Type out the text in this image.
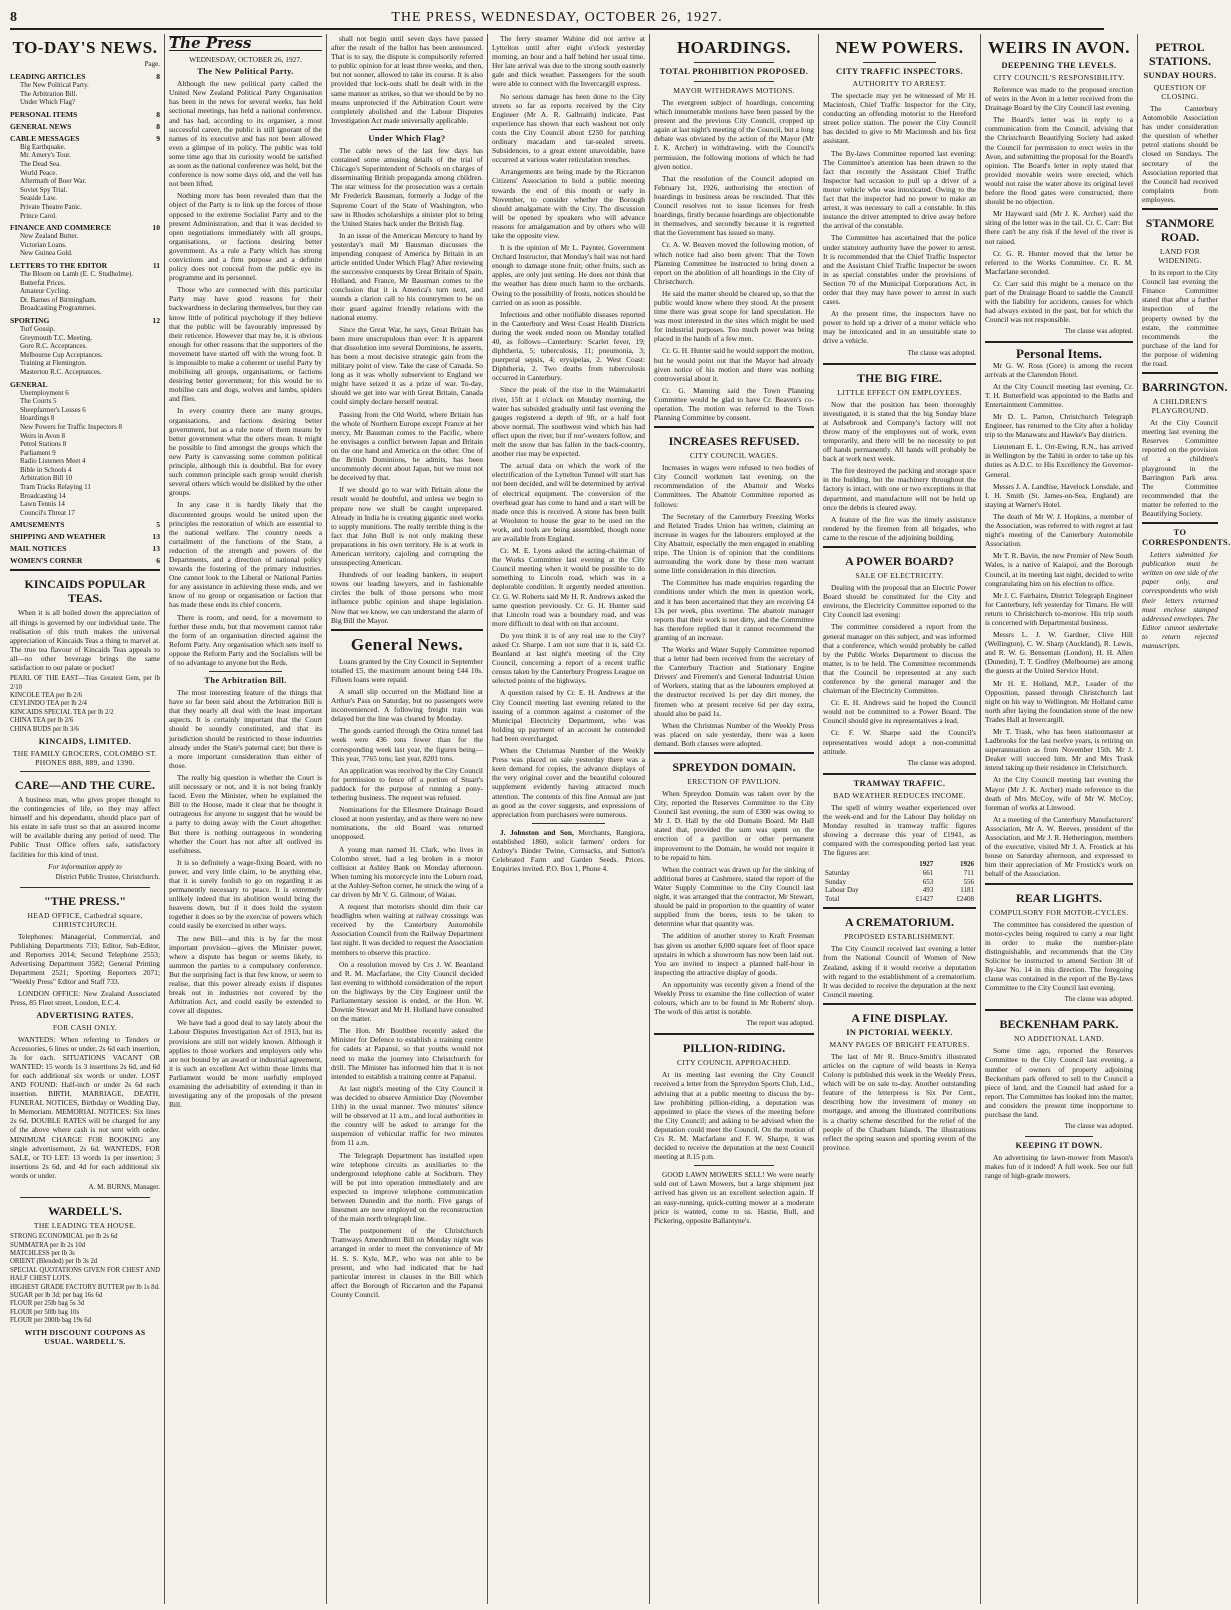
8	THE PRESS, WEDNESDAY, OCTOBER 26, 1927.
TO-DAY'S NEWS.
Page.
LEADING ARTICLES	8
The New Political Party.
The Arbitration Bill.
Under Which Flag?
PERSONAL ITEMS	8
GENERAL NEWS	8
CABLE MESSAGES	9
Big Earthquake.
Mr. Amery's Tour.
The Dead Sea.
World Peace.
Aftermath of Boer War.
Soviet Spy Trial.
Seaside Law.
Private Theatre Panic.
Prince Carol.
FINANCE AND COMMERCE	10
New Zealand Butter.
Victorian Loans.
New Guinea Gold.
LETTERS TO THE EDITOR	11
The Bloom on Lamb (E. C. Studholme).
Butterfat Prices.
Amateur Cycling.
Dr. Barnes of Birmingham.
Broadcasting Programmes.
SPORTING	12
Turf Gossip.
Greymouth T.C. Meeting.
Gore R.C. Acceptances.
Melbourne Cup Acceptances.
Training at Flemington.
Masterton R.C. Acceptances.
GENERAL
Unemployment 6
The Courts 5
Sheepfarmer's Losses 6
Hoardings 8
New Powers for Traffic Inspectors 8
Weirs in Avon 8
Petrol Stations 8
Parliament 9
Radio Listeners Meet 4
Bible in Schools 4
Arbitration Bill 10
Tram Tracks Relaying 11
Broadcasting 14
Lawn Tennis 14
Council's Threat 17
AMUSEMENTS	5
SHIPPING AND WEATHER	13
MAIL NOTICES	13
WOMEN'S CORNER	6
KINCAIDS POPULAR TEAS.

When it is all boiled down the appreciation of all things is governed by our individual taste. The realisation of this truth makes the universal appreciation of Kincaids Teas a thing to marvel at. The true tea flavour of Kincaids Teas appeals to all—no other beverage brings the same satisfaction to our palate or pocket!

PEARL OF THE EAST—Teas Greatest Gem, per lb 2/10
KINCOLE TEA per lb 2/6
CEYLINDO TEA per lb 2/4
KINCAIDS SPECIAL TEA per lb 2/2
CHINA TEA per lb 2/6
CHINA BUDS per lb 3/6
KINCAIDS, LIMITED.
THE FAMILY GROCERS, COLOMBO ST. PHONES 888, 889, and 1390.
CARE—AND THE CURE.

A business man, who gives proper thought to the contingencies of life, so they may affect himself and his dependants, should place part of his estate in safe trust so that an assured income will be available during any period of need. The Public Trust Office offers safe, satisfactory facilities for this kind of trust.

For information apply to
District Public Trustee, Christchurch.
"THE PRESS."
HEAD OFFICE, Cathedral square, CHRISTCHURCH.

Telephones: Managerial, Commercial, and Publishing Departments 733; Editor, Sub-Editor, and Reporters 2014; Second Telephone 2553; Advertising Department 3582; General Printing Department 2521; Sporting Reporters 2071; "Weekly Press" Editor and Staff 733.

LONDON OFFICE: New Zealand Associated Press, 85 Fleet street, London, E.C.4.

ADVERTISING RATES.
FOR CASH ONLY.

WANTEDS: When referring to Tenders or Accessories, 6 lines or under, 2s 6d each insertion, 3s for each. SITUATIONS VACANT OR WANTED: 15 words 1s 3 insertions 2s 6d, and 6d for each additional six words or under. LOST AND FOUND: Half-inch or under 2s 6d each insertion. BIRTH, MARRIAGE, DEATH, FUNERAL NOTICES, Birthday or Wedding Day, In Memoriam. MEMORIAL NOTICES: Six lines 2s 6d. DOUBLE RATES will be charged for any of the above where cash is not sent with order. MINIMUM CHARGE FOR BOOKING any single advertisement, 2s 6d. WANTEDS, FOR SALE, or TO LET: 13 words 1s per insertion; 3 insertions 2s 6d, and 4d for each additional six words or under.

A. M. BURNS, Manager.
WARDELL'S.
THE LEADING TEA HOUSE.
STRONG ECONOMICAL per lb 2s 6d
SUMMATRA per lb 2s 10d
MATCHLESS per lb 3s
ORIENT (Blended) per lb 3s 2d
SPECIAL QUOTATIONS GIVEN FOR CHEST AND HALF CHEST LOTS.
HIGHEST GRADE FACTORY BUTTER per lb 1s 8d.
SUGAR per lb 3d; per bag 16s 6d
FLOUR per 25lb bag 5s 3d
FLOUR per 50lb bag 10s
FLOUR per 200lb bag 19s 6d
WITH DISCOUNT COUPONS AS USUAL. WARDELL'S.
The Press
WEDNESDAY, OCTOBER 26, 1927.
The New Political Party.

Although the new political party called the United New Zealand Political Party Organisation has been in the news for several weeks, has held sectional meetings, has held a national conference, and has had, according to its organiser, a most successful career, the public is still ignorant of the names of its executive and has not been allowed even a glimpse of its policy. The public was told some time ago that its curiosity would be satisfied as soon as the national conference was held, but the conference is now some days old, and the veil has not been lifted.

Nothing more has been revealed than that the object of the Party is to link up the forces of those opposed to the extreme Socialist Party and to the present Administration, and that it was decided to open negotiations immediately with all groups, organisations, or factions desiring better government. As a rule a Party which has strong convictions and a firm purpose and a definite policy does not conceal from the public eye its programme and its personnel.

Those who are connected with this particular Party may have good reasons for their backwardness in declaring themselves, but they can know little of political psychology if they believe that the public will be favourably impressed by their reticence. However that may be, it is obvious enough for other reasons that the supporters of the movement have started off with the wrong foot. It is impossible to make a coherent or useful Party by mobilising all groups, organisations, or factions desiring better government; for this would be to mobilise cats and dogs, wolves and lambs, spiders and flies.

In every country there are many groups, organisations, and factions desiring better government, but as a rule none of them means by better government what the others mean. It might be possible to find amongst the groups which the new Party is canvassing some common political principle, although this is doubtful. But for every such common principle each group would cherish several others which would be disliked by the other groups.

In any case it is hardly likely that the discontented groups would be united upon the principles the restoration of which are essential to the national welfare. The country needs a curtailment of the functions of the State, a reduction of the strength and powers of the Departments, and a direction of national policy towards the fostering of the primary industries. One cannot look to the Liberal or National Parties for any assistance in achieving these ends, and we know of no group or organisation or faction that has made these ends its chief concern.

There is room, and need, for a movement to further these ends, but that movement cannot take the form of an organisation directed against the Reform Party. Any organisation which sets itself to oppose the Reform Party and the Socialists will be of no advantage to anyone but the Reds.

The Arbitration Bill.

The most interesting feature of the things that have so far been said about the Arbitration Bill is that they nearly all deal with the least important aspects. It is certainly important that the Court should be soundly constituted, and that its jurisdiction should be restricted to those industries already under the State's paternal care; but there is a more important consideration than either of those.

The really big question is whether the Court is still necessary or not, and it is not being frankly faced. Even the Minister, when he explained the Bill to the House, made it clear that he thought it outrageous for anyone to suggest that he would be a party to doing away with the Court altogether. But there is nothing outrageous in wondering whether the Court has not after all outlived its usefulness.

It is so definitely a wage-fixing Board, with no power, and very little claim, to be anything else, that it is surely foolish to go on regarding it as permanently necessary to peace. It is extremely unlikely indeed that its abolition would bring the heavens down, but if it does hold the system together it does so by the exercise of powers which could easily be exercised in other ways.

The new Bill—and this is by far the most important provision—gives the Minister power, where a dispute has begun or seems likely, to summon the parties to a compulsory conference. But the surprising fact is that few know, or seem to realise, that this power already exists if disputes break out in industries not covered by the Arbitration Act, and could easily be extended to cover all disputes.

We have had a good deal to say lately about the Labour Disputes Investigation Act of 1913, but its provisions are still not widely known. Although it applies to those workers and employers only who are not bound by an award or industrial agreement, it is such an excellent Act within those limits that Parliament would be more usefully employed examining the advisability of extending it than in investigating any of the proposals of the present Bill.

shall not begin until seven days have passed after the result of the ballot has been announced. That is to say, the dispute is compulsorily referred to public opinion for at least three weeks, and then, but not sooner, allowed to take its course. It is also provided that lock-outs shall be dealt with in the same manner as strikes, so that we should be by no means unprotected if the Arbitration Court were completely abolished and the Labour Disputes Investigation Act made universally applicable.

Under Which Flag?

The cable news of the last few days has contained some amusing details of the trial of Chicago's Superintendent of Schools on charges of disseminating British propaganda among children. The star witness for the prosecution was a certain Mr Frederick Bausman, formerly a Judge of the Supreme Court of the State of Washington, who saw in Rhodes scholarships a sinister plot to bring the United States back under the British flag.

In an issue of the American Mercury to hand by yesterday's mail Mr Bausman discusses the impending conquest of America by Britain in an article entitled Under Which Flag? After reviewing the successive conquests by Great Britain of Spain, Holland, and France, Mr Bausman comes to the conclusion that it is America's turn next, and sounds a clarion call to his countrymen to be on their guard against friendly relations with the national enemy.

Since the Great War, he says, Great Britain has been more unscrupulous than ever: It is apparent that dissolution into several Dominions, he asserts, has been a most decisive strategic gain from the military point of view. Take the case of Canada. So long as it was wholly subservient to England we might have seized it as a prize of war. To-day, should we get into war with Great Britain, Canada could simply declare herself neutral.

Passing from the Old World, where Britain has the whole of Northern Europe except France at her mercy, Mr Bausman comes to the Pacific, where he envisages a conflict between Japan and Britain on the one hand and America on the other. One of the British Dominions, he admits, has been uncommonly decent about Japan, but we must not be deceived by that.

If we should go to war with Britain alone the result would be doubtful, and unless we begin to prepare now we shall be caught unprepared. Already in India he is creating gigantic steel works to supply munitions. The really terrible thing is the fact that John Bull is not only making these preparations in his own territory. He is at work in American territory, cajoling and corrupting the unsuspecting American.

Hundreds of our leading bankers, in seaport towns our leading lawyers, and in fashionable circles the bulk of those persons who most influence public opinion and shape legislation. Now that we know, we can understand the alarm of Big Bill the Mayor.

General News.

Loans granted by the City Council in September totalled £5, the maximum amount being £44 10s. Fifteen loans were repaid.

A small slip occurred on the Midland line at Arthur's Pass on Saturday, but no passengers were inconvenienced. A following freight train was delayed but the line was cleared by Monday.

The goods carried through the Otira tunnel last week were 436 tons fewer than for the corresponding week last year, the figures being—This year, 7765 tons; last year, 8201 tons.

An application was received by the City Council for permission to fence off a portion of Stuart's paddock for the purpose of running a pony-tethering business. The request was refused.

Nominations for the Ellesmere Drainage Board closed at noon yesterday, and as there were no new nominations, the old Board was returned unopposed.

A young man named H. Clark, who lives in Colombo street, had a leg broken in a motor collision at Ashley Bank on Monday afternoon. When turning his motorcycle into the Loburn road, at the Ashley-Sefton corner, he struck the wing of a car driven by Mr V. G. Gilmour, of Waiau.

A request that motorists should dim their car headlights when waiting at railway crossings was received by the Canterbury Automobile Association Council from the Railway Department last night. It was decided to request the Association members to observe this practice.

On a resolution moved by Crs J. W. Beanland and R. M. Macfarlane, the City Council decided last evening to withhold consideration of the report on the highways by the City Engineer until the Parliamentary session is ended, or the Hon. W. Downie Stewart and Mr H. Holland have consulted on the matter.

The Hon. Mr Boultbee recently asked the Minister for Defence to establish a training centre for cadets at Papanui, so that youths would not need to make the journey into Christchurch for drill. The Minister has informed him that it is not intended to establish a training centre at Papanui.

At last night's meeting of the City Council it was decided to observe Armistice Day (November 11th) in the usual manner. Two minutes' silence will be observed at 11 a.m., and local authorities in the country will be asked to arrange for the suspension of vehicular traffic for two minutes from 11 a.m.

The Telegraph Department has installed open wire telephone circuits as auxiliaries to the underground telephone cable at Sockburn. They will be put into operation immediately and are expected to improve telephone communication between Dunedin and the north. Five gangs of linesmen are now employed on the reconstruction of the main north telegraph line.

The postponement of the Christchurch Tramways Amendment Bill on Monday night was arranged in order to meet the convenience of Mr H. S. S. Kyle, M.P., who was not able to be present, and who had indicated that he had particular interest in clauses in the Bill which affect the Borough of Riccarton and the Papanui County Council.

The ferry steamer Wahine did not arrive at Lyttelton until after eight o'clock yesterday morning, an hour and a half behind her usual time. Her late arrival was due to the strong south easterly gale and thick weather. Passengers for the south were able to connect with the Invercargill express.

No serious damage has been done to the City streets so far as reports received by the City Engineer (Mr A. R. Galbraith) indicate. Past experience has shown that each washout not only costs the City Council about £250 for patching ordinary macadam and tar-sealed streets. Subsidences, to a great extent unavoidable, have occurred at various water reticulation trenches.

Arrangements are being made by the Riccarton Citizens' Association to hold a public meeting towards the end of this month or early in November, to consider whether the Borough should amalgamate with the City. The discussion will be opened by speakers who will advance reasons for amalgamation and by others who will take the opposite view.

It is the opinion of Mr L. Paynter, Government Orchard Instructor, that Monday's hail was not hard enough to damage stone fruit; other fruits, such as apples, are only just setting. He does not think that the weather has done much harm to the orchards. Owing to the possibility of frosts, notices should be carried on as soon as possible.

Infectious and other notifiable diseases reported in the Canterbury and West Coast Health Districts during the week ended noon on Monday totalled 40, as follows—Canterbury: Scarlet fever, 19; diphtheria, 5; tuberculosis, 11; pneumonia, 3; puerperal sepsis, 4; erysipelas, 2. West Coast: Diphtheria, 2. Two deaths from tuberculosis occurred in Canterbury.

Since the peak of the rise in the Waimakariri river, 15ft at 1 o'clock on Monday morning, the water has subsided gradually until last evening the gauges registered a depth of 9ft, or a half foot above normal. The southwest wind which has had effect upon the river, but if nor'-westers follow, and melt the snow that has fallen in the back-country, another rise may be expected.

The actual data on which the work of the electrification of the Lyttelton Tunnel will start has not been decided, and will be determined by arrival of electrical equipment. The conversion of the overhead gear has come to hand and a start will be made once this is received. A stone has been built at Woolston to house the gear to be used on the work, and tools are being assembled, though none are available from England.

Cr. M. E. Lyons asked the acting-chairman of the Works Committee last evening at the City Council meeting when it would be possible to do something to Lincoln road, which was in a deplorable condition. It urgently needed attention. Cr. G. W. Roberts said Mr H. R. Andrews asked the same question previously. Cr. G. H. Hunter said that Lincoln road was a boundary road, and was more difficult to deal with on that account.

Do you think it is of any real use to the City? asked Cr. Sharpe. I am not sure that it is, said Cr. Beanland at last night's meeting of the City Council, concerning a report of a recent traffic census taken by the Canterbury Progress League on selected points of the highways.

A question raised by Cr. E. H. Andrews at the City Council meeting last evening related to the issuing of a common against a customer of the Municipal Electricity Department, who was holding up payment of an account he contended had been overcharged.

When the Christmas Number of the Weekly Press was placed on sale yesterday there was a keen demand for copies, the advance displays of the very original cover and the beautiful coloured supplement evidently having attracted much attention. The contents of this fine Annual are just as good as the cover suggests, and expressions of appreciation from purchasers were numerous.

J. Johnston and Son, Merchants, Rangiora, established 1860, solicit farmers' orders for Ardrey's Binder Twine, Cornsacks, and Sutton's Celebrated Farm and Garden Seeds. Prices. Enquiries invited. P.O. Box 1, Phone 4.

HOARDINGS.
TOTAL PROHIBITION PROPOSED.
MAYOR WITHDRAWS MOTIONS.

The evergreen subject of hoardings, concerning which innumerable motions have been passed by the present and the previous City Council, cropped up again at last night's meeting of the Council, but a long debate was obviated by the action of the Mayor (Mr J. K. Archer) in withdrawing, with the Council's permission, the following motions of which he had given notice.

That the resolution of the Council adopted on February 1st, 1926, authorising the erection of hoardings in business areas be rescinded. That this Council resolves not to issue licenses for fresh hoardings, firstly because hoardings are objectionable in themselves, and secondly because it is regretted that the Government has issued so many.

Cr. A. W. Beaven moved the following motion, of which notice had also been given: That the Town Planning Committee be instructed to bring down a report on the abolition of all hoardings in the City of Christchurch.

He said the matter should be cleared up, so that the public would know where they stood. At the present time there was great scope for land speculation. He was most interested in the sites which might be used for industrial purposes. Too much power was being placed in the hands of a few men.

Cr. G. H. Hunter said he would support the motion, but he would point out that the Mayor had already given notice of his motion and there was nothing controversial about it.

Cr. G. Manning said the Town Planning Committee would be glad to have Cr. Beaven's co-operation. The motion was referred to the Town Planning Committee by consent.

INCREASES REFUSED.
CITY COUNCIL WAGES.

Increases in wages were refused to two bodies of City Council workmen last evening, on the recommendation of the Abattoir and Works Committees. The Abattoir Committee reported as follows:

The Secretary of the Canterbury Freezing Works and Related Trades Union has written, claiming an increase in wages for the labourers employed at the City Abattoir, especially the men engaged in enabling tripe. The Union is of opinion that the conditions surrounding the work done by these men warrant some little consideration in this direction.

The Committee has made enquiries regarding the conditions under which the men in question work, and it has been ascertained that they are receiving £4 13s per week, plus overtime. The abattoir manager reports that their work is not dirty, and the Committee has therefore replied that it cannot recommend the granting of an increase.

The Works and Water Supply Committee reported that a letter had been received from the secretary of the Canterbury Traction and Stationary Engine Drivers' and Firemen's and General Industrial Union of Workers, stating that as the labourers employed at the destructor received 1s per day dirt money, the firemen who at present receive 6d per day extra, should also be paid 1s.

When the Christmas Number of the Weekly Press was placed on sale yesterday, there was a keen demand. Both clauses were adopted.

SPREYDON DOMAIN.
ERECTION OF PAVILION.

When Spreydon Domain was taken over by the City, reported the Reserves Committee to the City Council last evening, the sum of £300 was owing to Mr J. D. Hall by the old Domain Board. Mr Hall stated that, provided the sum was spent on the erection of a pavilion or other permanent improvement to the Domain, he would not require it to be repaid to him.

When the contract was drawn up for the sinking of additional bores at Cashmere, stated the report of the Water Supply Committee to the City Council last night, it was arranged that the contractor, Mr Stewart, should be paid in proportion to the quantity of water supplied from the bores, tests to be taken to determine what that quantity was.

The addition of another storey to Kraft Freeman has given us another 6,000 square feet of floor space upstairs in which a showroom has now been laid out. You are invited to inspect a planned half-hour in inspecting the attractive display of goods.

An opportunity was recently given a friend of the Weekly Press to examine the fine collection of water colours, which are to be found in Mr Roberts' shop. The work of this artist is notable.

The report was adopted.
PILLION-RIDING.
CITY COUNCIL APPROACHED.

At its meeting last evening the City Council received a letter from the Spreydon Sports Club, Ltd., advising that at a public meeting to discuss the by-law prohibiting pillion-riding, a deputation was appointed to place the views of the meeting before the City Council; and asking to be advised when the deputation could meet the Council. On the motion of Crs R. M. Macfarlane and F. W. Sharpe, it was decided to receive the deputation at the next Council meeting at 8.15 p.m.

GOOD LAWN MOWERS SELL! We were nearly sold out of Lawn Mowers, but a large shipment just arrived has given us an excellent selection again. If an easy-running, quick-cutting mower at a moderate price is wanted, come to us. Hastie, Bull, and Pickering, opposite Ballantyne's.

NEW POWERS.
CITY TRAFFIC INSPECTORS.
AUTHORITY TO ARREST.

The spectacle may yet be witnessed of Mr H. Macintosh, Chief Traffic Inspector for the City, conducting an offending motorist to the Hereford street police station. The power the City Council has decided to give to Mr Macintosh and his first assistant.

The By-laws Committee reported last evening: The Committee's attention has been drawn to the fact that recently the Assistant Chief Traffic Inspector had occasion to pull up a driver of a motor vehicle who was intoxicated. Owing to the fact that the inspector had no power to make an arrest, it was necessary to call a constable. In this instance the driver attempted to drive away before the arrival of the constable.

The Committee has ascertained that the police under statutory authority have the power to arrest. It is recommended that the Chief Traffic Inspector and the Assistant Chief Traffic Inspector be sworn in as special constables under the provisions of Section 70 of the Municipal Corporations Act, in order that they may have power to arrest in such cases.

At the present time, the inspectors have no power to hold up a driver of a motor vehicle who may be intoxicated and in an unsuitable state to drive a vehicle.

The clause was adopted.
THE BIG FIRE.
LITTLE EFFECT ON EMPLOYEES.

Now that the position has been thoroughly investigated, it is stated that the big Sunday blaze at Aulsebrook and Company's factory will not throw many of the employees out of work, even temporarily, and there will be no necessity to put off hands permanently. All hands will probably be back at work next week.

The fire destroyed the packing and storage space in the building, but the machinery throughout the factory is intact, with one or two exceptions in that department, and manufacture will not be held up once the debris is cleared away.

A feature of the fire was the timely assistance rendered by the firemen from all brigades, who came to the rescue of the adjoining building.

A POWER BOARD?
SALE OF ELECTRICITY.

Dealing with the proposal that an Electric Power Board should be constituted for the City and environs, the Electricity Committee reported to the City Council last evening:

The committee considered a report from the general manager on this subject, and was informed that a conference, which would probably be called by the Public Works Department to discuss the matter, is to be held. The Committee recommends that the Council be represented at any such conference by the general manager and the chairman of the Electricity Committee.

Cr. E. H. Andrews said he hoped the Council would not be committed to a Power Board. The Council should give its representatives a lead.

Cr. F. W. Sharpe said the Council's representatives would adopt a non-committal attitude.

The clause was adopted.
TRAMWAY TRAFFIC.
BAD WEATHER REDUCES INCOME.

The spell of wintry weather experienced over the week-end and for the Labour Day holiday on Monday resulted in tramway traffic figures showing a decrease this year of £1941, as compared with the corresponding period last year. The figures are:

	1927	1926
Saturday	661	711
Sunday	653	556
Labour Day	493	1181
Total	£1427	£2408
A CREMATORIUM.
PROPOSED ESTABLISHMENT.

The City Council received last evening a letter from the National Council of Women of New Zealand, asking if it would receive a deputation with regard to the establishment of a crematorium. It was decided to receive the deputation at the next Council meeting.

A FINE DISPLAY.
IN PICTORIAL WEEKLY.
MANY PAGES OF BRIGHT FEATURES.

The last of Mr R. Bruce-Smith's illustrated articles on the capture of wild beasts in Kenya Colony is published this week in the Weekly Press, which will be on sale to-day. Another outstanding feature of the letterpress is Six Per Cent., describing how the investment of money on mortgage, and among the illustrated contributions is a charity scheme described for the relief of the people of the Chatham Islands. The illustrations reflect the spring season and sporting events of the province.

WEIRS IN AVON.
DEEPENING THE LEVELS.
CITY COUNCIL'S RESPONSIBILITY.

Reference was made to the proposed erection of weirs in the Avon in a letter received from the Drainage Board by the City Council last evening.

The Board's letter was in reply to a communication from the Council, advising that the Christchurch Beautifying Society had asked the Council for permission to erect weirs in the Avon, and submitting the proposal for the Board's opinion. The Board's letter in reply stated that provided movable weirs were erected, which would not raise the water above its original level before the flood gates were constructed, there should be no objection.

Mr Hayward said (Mr J. K. Archer) said the siting of the letter was in the tail. Cr. C. Carr: But there can't be any risk if the level of the river is not raised.

Cr. G. R. Hunter moved that the letter be referred to the Works Committee. Cr. R. M. Macfarlane seconded.

Cr. Carr said this might be a menace on the part of the Drainage Board to saddle the Council with the liability for accidents, causes for which had always existed in the past, but for which the Council was not responsible.

The clause was adopted.
Personal Items.

Mr G. W. Ross (Gore) is among the recent arrivals at the Clarendon Hotel.

At the City Council meeting last evening, Cr. T. H. Butterfield was appointed to the Baths and Entertainment Committee.

Mr D. L. Parton, Christchurch Telegraph Engineer, has returned to the City after a holiday trip to the Manawatu and Hawke's Bay districts.

Lieutenant E. L. Orr-Ewing, R.N., has arrived in Wellington by the Tahiti in order to take up his duties as A.D.C. to His Excellency the Governor-General.

Messrs J. A. Landlise, Havelock Lonsdale, and I. H. Smith (St. James-on-Sea, England) are staying at Warner's Hotel.

The death of Mr W. J. Hopkins, a member of the Association, was referred to with regret at last night's meeting of the Canterbury Automobile Association.

Mr T. R. Bavin, the new Premier of New South Wales, is a native of Kaiapoi, and the Borough Council, at its meeting last night, decided to write congratulating him on his election to office.

Mr J. C. Fairbairn, District Telegraph Engineer for Canterbury, left yesterday for Timaru. He will return to Christchurch to-morrow. His trip south is concerned with Departmental business.

Messrs L. J. W. Gardner, Clive Hill (Wellington), C. W. Sharp (Auckland), R. Lewis, and R. W. G. Benseman (London), H. H. Allen (Dunedin), T. T. Godfrey (Melbourne) are among the guests at the United Service Hotel.

Mr H. E. Holland, M.P., Leader of the Opposition, passed through Christchurch last night on his way to Wellington. Mr Holland came north after laying the foundation stone of the new Trades Hall at Invercargill.

Mr T. Trask, who has been stationmaster at Ladbrooks for the last twelve years, is retiring on superannuation as from November 15th. Mr J. Deaker will succeed him. Mr and Mrs Trask intend taking up their residence in Christchurch.

At the City Council meeting last evening the Mayor (Mr J. K. Archer) made reference to the death of Mrs McCoy, wife of Mr W. McCoy, foreman of works at Linwood.

At a meeting of the Canterbury Manufacturers' Association, Mr A. W. Reeves, president of the Association, and Mr J. R. Hetherington, members of the executive, visited Mr J. A. Frostick at his house on Saturday afternoon, and expressed to him their appreciation of Mr Frostick's work on behalf of the Association.

REAR LIGHTS.
COMPULSORY FOR MOTOR-CYCLES.

The committee has considered the question of motor-cycles being required to carry a rear light in order to make the number-plate distinguishable, and recommends that the City Solicitor be instructed to amend Section 38 of By-law No. 14 in this direction. The foregoing clause was contained in the report of the By-laws Committee to the City Council last evening.

The clause was adopted.
BECKENHAM PARK.
NO ADDITIONAL LAND.

Some time ago, reported the Reserves Committee to the City Council last evening, a number of owners of property adjoining Beckenham park offered to sell to the Council a piece of land, and the Council had asked for a report. The Committee has looked into the matter, and considers the present time inopportune to purchase the land.

The clause was adopted.
KEEPING IT DOWN.

An advertising tie lawn-mower from Mason's makes fun of it indeed! A full week. See our full range of high-grade mowers.

PETROL STATIONS.
SUNDAY HOURS.
QUESTION OF CLOSING.

The Canterbury Automobile Association has under consideration the question of whether petrol stations should be closed on Sundays. The secretary of the Association reported that the Council had received complaints from employees.

STANMORE ROAD.
LAND FOR WIDENING.

In its report to the City Council last evening the Finance Committee stated that after a further inspection of the property owned by the estate, the committee recommends the purchase of the land for the purpose of widening the road.

BARRINGTON.
A CHILDREN'S PLAYGROUND.

At the City Council meeting last evening the Reserves Committee reported on the provision of a children's playground in the Barrington Park area. The Committee recommended that the matter be referred to the Beautifying Society.

TO CORRESPONDENTS.

Letters submitted for publication must be written on one side of the paper only, and correspondents who wish their letters returned must enclose stamped addressed envelopes. The Editor cannot undertake to return rejected manuscripts.
